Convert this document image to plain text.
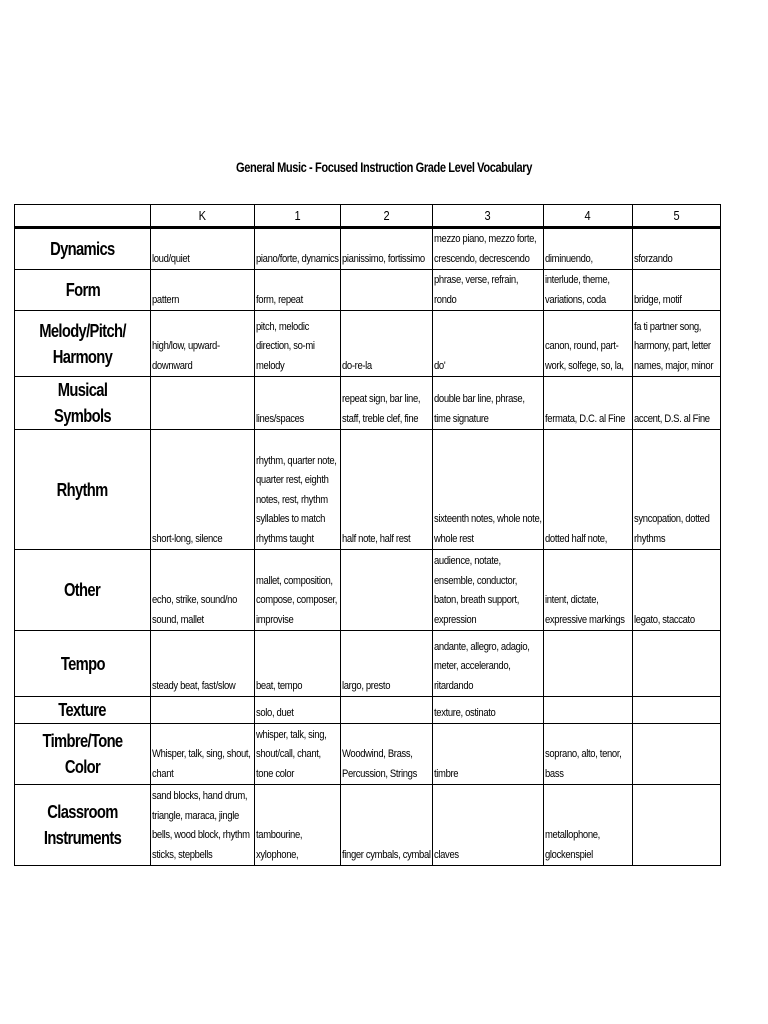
General Music - Focused Instruction Grade Level Vocabulary
	K	1	2	3	4	5
Dynamics	loud/quiet	piano/forte, dynamics	pianissimo, fortissimo	mezzo piano, mezzo forte, crescendo, decrescendo	diminuendo,	sforzando

Form	pattern	form, repeat		phrase, verse, refrain, rondo	interlude, theme, variations, coda	bridge, motif

Melody/Pitch/ Harmony	high/low, upward-downward	pitch, melodic direction, so-mi melody	do-re-la	do'	canon, round, part-work, solfege, so, la,	fa ti partner song, harmony, part, letter names, major, minor

Musical Symbols		lines/spaces	repeat sign, bar line, staff, treble clef, fine	double bar line, phrase, time signature	fermata, D.C. al Fine	accent, D.S. al Fine

Rhythm	short-long, silence	rhythm, quarter note, quarter rest, eighth notes, rest, rhythm syllables to match rhythms taught	half note, half rest	sixteenth notes, whole note, whole rest	dotted half note,	syncopation, dotted rhythms

Other	echo, strike, sound/no sound, mallet	mallet, composition, compose, composer, improvise		audience, notate, ensemble, conductor, baton, breath support, expression	intent, dictate, expressive markings	legato, staccato

Tempo	steady beat, fast/slow	beat, tempo	largo, presto	andante, allegro, adagio, meter, accelerando, ritardando		

Texture		solo, duet		texture, ostinato		

Timbre/Tone Color	Whisper, talk, sing, shout, chant	whisper, talk, sing, shout/call, chant, tone color	Woodwind, Brass, Percussion, Strings	timbre	soprano, alto, tenor, bass	

Classroom Instruments	sand blocks, hand drum, triangle, maraca, jingle bells, wood block, rhythm sticks, stepbells	tambourine, xylophone,	finger cymbals, cymbal	claves	metallophone, glockenspiel	
